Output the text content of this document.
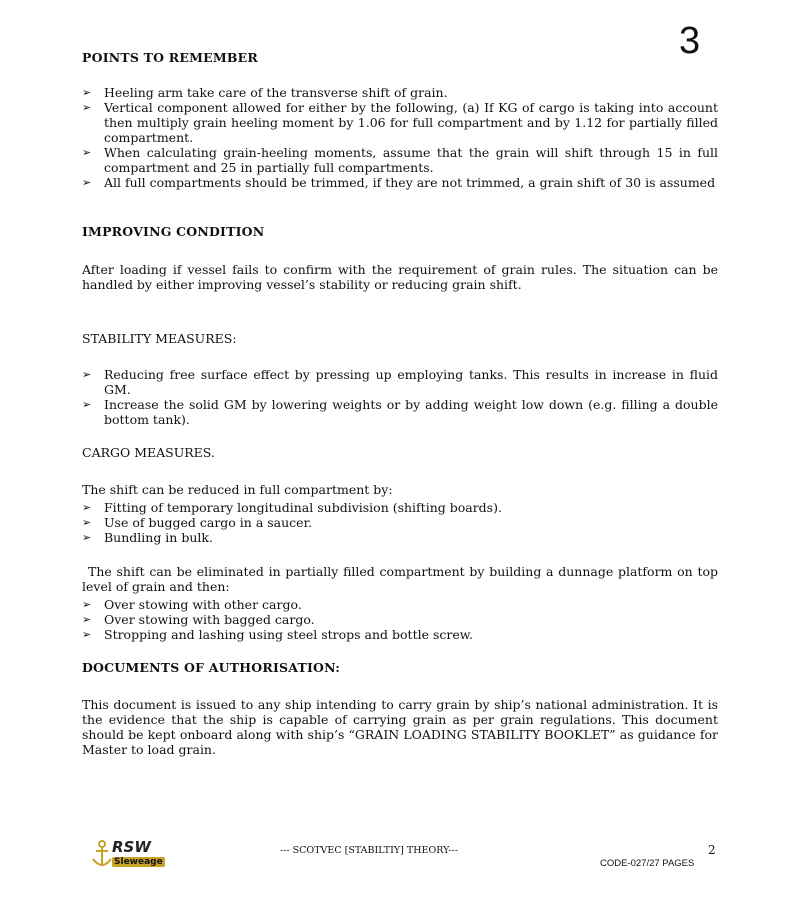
3
POINTS TO REMEMBER
➢ Heeling arm take care of the transverse shift of grain.
➢ Vertical component allowed for either by the following, (a) If KG of cargo is taking into account then multiply grain heeling moment by 1.06 for full compartment and by 1.12 for partially filled compartment.
➢ When calculating grain-heeling moments, assume that the grain will shift through 15 in full compartment and 25 in partially full compartments.
➢ All full compartments should be trimmed, if they are not trimmed, a grain shift of 30 is assumed
IMPROVING CONDITION
After loading if vessel fails to confirm with the requirement of grain rules. The situation can be handled by either improving vessel’s stability or reducing grain shift.
STABILITY MEASURES:
➢ Reducing free surface effect by pressing up employing tanks. This results in increase in fluid GM.
➢ Increase the solid GM by lowering weights or by adding weight low down (e.g. filling a double bottom tank).
CARGO MEASURES.
The shift can be reduced in full compartment by:
➢ Fitting of temporary longitudinal subdivision (shifting boards).
➢ Use of bugged cargo in a saucer.
➢ Bundling in bulk.
The shift can be eliminated in partially filled compartment by building a dunnage platform on top level of grain and then:
➢ Over stowing with other cargo.
➢ Over stowing with bagged cargo.
➢ Stropping and lashing using steel strops and bottle screw.
DOCUMENTS OF AUTHORISATION:
This document is issued to any ship intending to carry grain by ship’s national administration. It is the evidence that the ship is capable of carrying grain as per grain regulations. This document should be kept onboard along with ship’s “GRAIN LOADING STABILITY BOOKLET” as guidance for Master to load grain.
RSW
Sleweage
--- SCOTVEC [STABILTIY] THEORY---	2
CODE-027/27 PAGES
